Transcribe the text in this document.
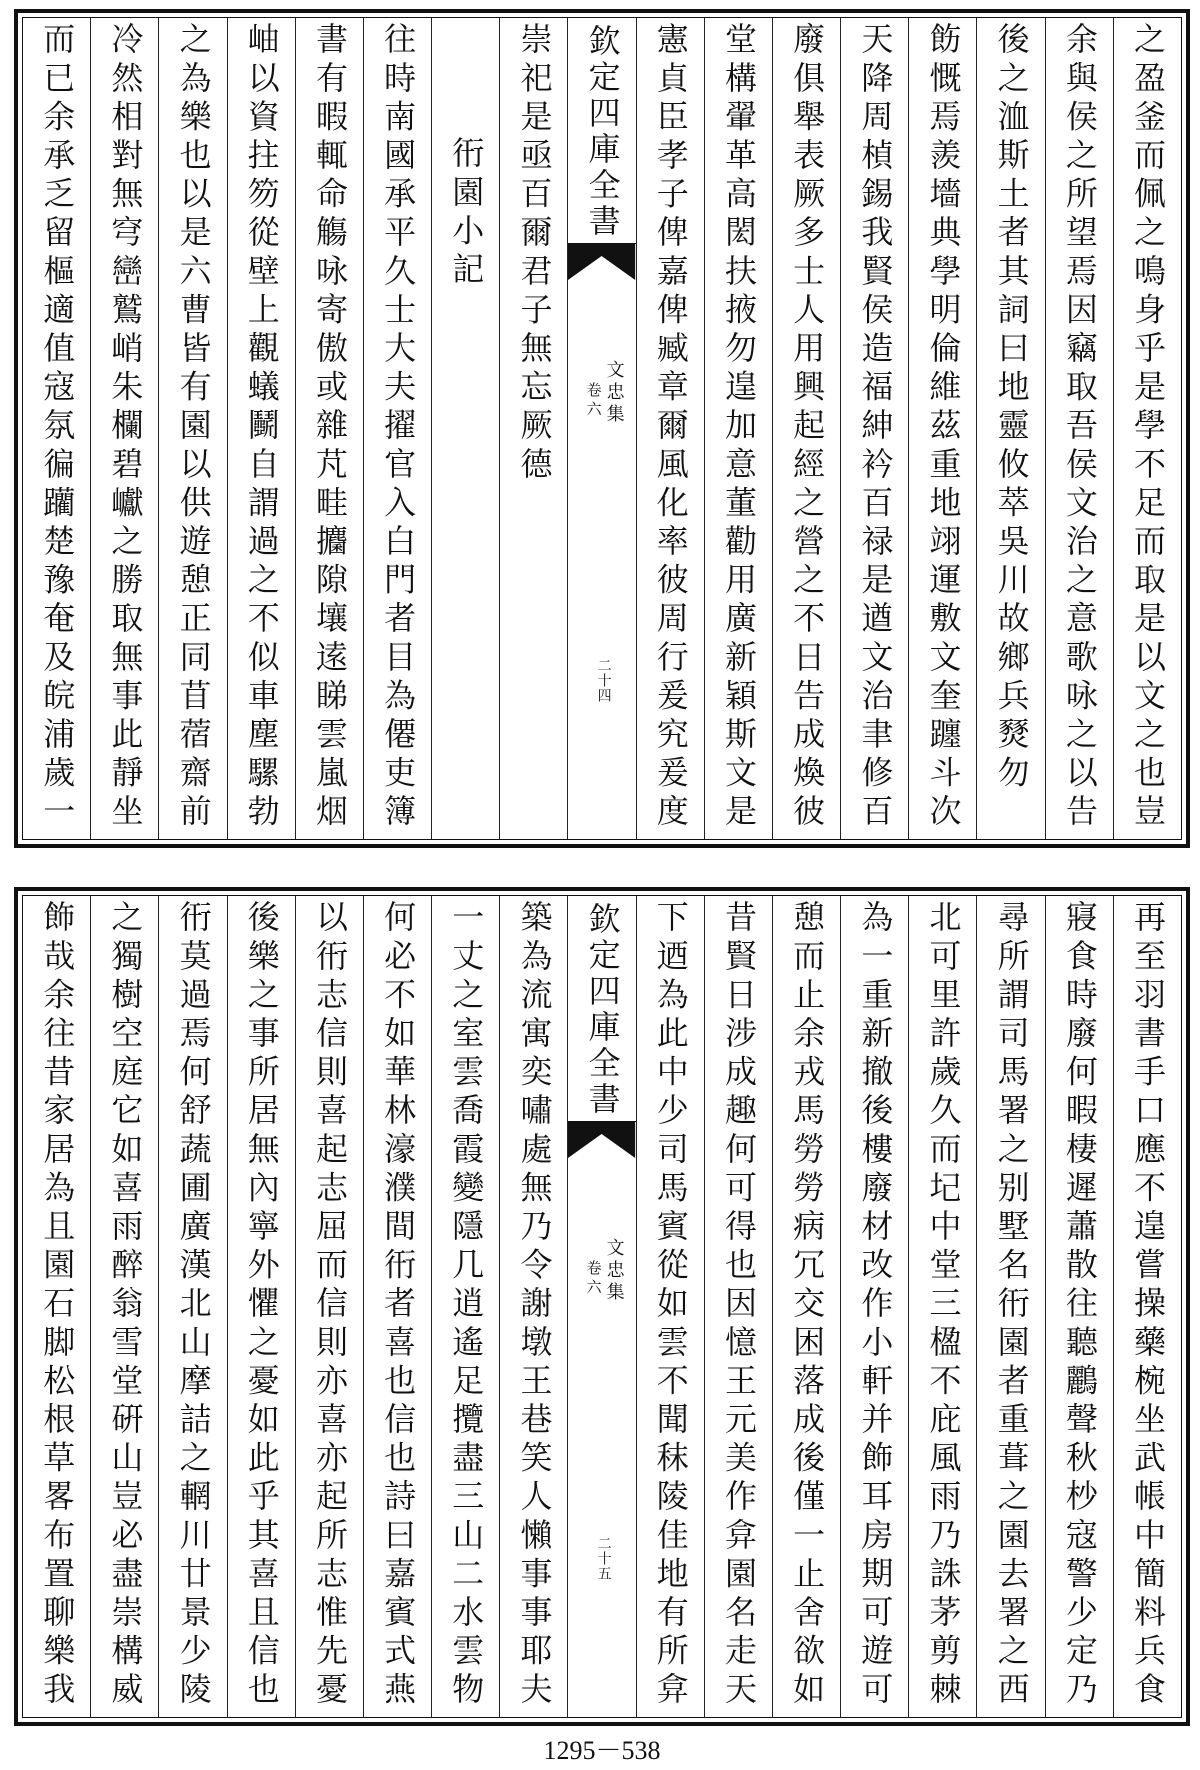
之盈釜而佩之鳴身乎是學不足而取是以文之也豈
余與侯之所望焉因竊取吾侯文治之意歌咏之以告
後之洫斯土者其詞曰地靈攸萃吳川故鄉兵燹勿
飭慨焉羨墻典學明倫維茲重地翊運敷文奎躔斗次
天降周楨錫我賢侯造福紳衿百禄是遒文治聿修百
廢俱舉表厥多士人用興起經之營之不日告成煥彼
堂構翬革高閎扶掖勿遑加意董勸用廣新穎斯文是
憲貞臣孝子俾嘉俾臧章爾風化率彼周行爰究爰度
欽定四庫全書
文忠集
卷六
二十四
崇祀是亟百爾君子無忘厥德
衎園小記
往時南國承平久士大夫擢官入白門者目為僊吏簿
書有暇輒命觴咏寄傲或雜芃畦攟隙壤逺睇雲嵐烟
岫以資拄笏從壁上觀蟻鬭自謂過之不似車塵騾勃
之為樂也以是六曹皆有園以供遊憩正同苜蓿齋前
冷然相對無穹巒鷲峭朱欄碧巘之勝取無事此靜坐
而已余承乏留樞適值寇氛徧躪楚豫奄及皖浦歲一
再至羽書手口應不遑嘗操藥椀坐武帳中簡料兵食
寢食時廢何暇棲遲蕭散往聽鸝聲秋杪寇警少定乃
尋所謂司馬署之别墅名衎園者重葺之園去署之西
北可里許歲久而圮中堂三楹不庇風雨乃誅茅剪棘
為一重新撤後樓廢材改作小軒并飾耳房期可遊可
憩而止余戎馬勞勞病冗交困落成後僅一止舍欲如
昔賢日涉成趣何可得也因憶王元美作弇園名走天
下迺為此中少司馬賓從如雲不聞秣陵佳地有所弇
欽定四庫全書
文忠集
卷六
二十五
築為流寓奕嘯處無乃令謝墩王巷笑人懶事事耶夫
一丈之室雲喬霞變隱几逍遙足攬盡三山二水雲物
何必不如華林濠濮間衎者喜也信也詩曰嘉賓式燕
以衎志信則喜起志屈而信則亦喜亦起所志惟先憂
後樂之事所居無內寧外懼之憂如此乎其喜且信也
衎莫過焉何舒蔬圃廣漢北山摩詰之輞川廿景少陵
之獨樹空庭它如喜雨醉翁雪堂硏山豈必盡崇構威
飾哉余往昔家居為且園石脚松根草畧布置聊樂我
1295－538
